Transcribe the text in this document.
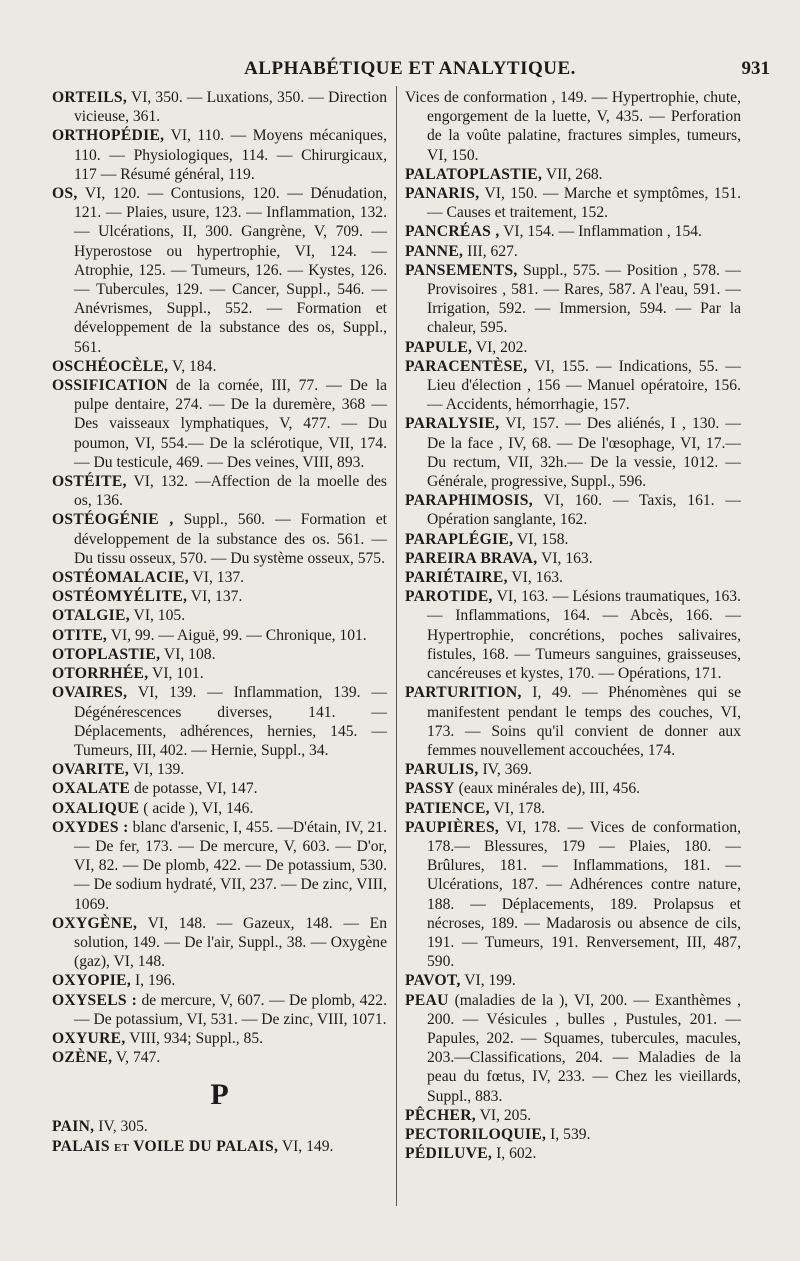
ALPHABÉTIQUE ET ANALYTIQUE.	931

ORTEILS, VI, 350. — Luxations, 350. — Direction vicieuse, 361.

ORTHOPÉDIE, VI, 110. — Moyens mécaniques, 110. — Physiologiques, 114. — Chirurgicaux, 117 — Résumé général, 119.

OS, VI, 120. — Contusions, 120. — Dénudation, 121. — Plaies, usure, 123. — Inflammation, 132. — Ulcérations, II, 300. Gangrène, V, 709. — Hyperostose ou hypertrophie, VI, 124. — Atrophie, 125. — Tumeurs, 126. — Kystes, 126. — Tubercules, 129. — Cancer, Suppl., 546. — Anévrismes, Suppl., 552. — Formation et développement de la substance des os, Suppl., 561.

OSCHÉOCÈLE, V, 184.

OSSIFICATION de la cornée, III, 77. — De la pulpe dentaire, 274. — De la duremère, 368 — Des vaisseaux lymphatiques, V, 477. — Du poumon, VI, 554.— De la sclérotique, VII, 174. — Du testicule, 469. — Des veines, VIII, 893.

OSTÉITE, VI, 132. —Affection de la moelle des os, 136.

OSTÉOGÉNIE , Suppl., 560. — Formation et développement de la substance des os. 561. — Du tissu osseux, 570. — Du système osseux, 575.

OSTÉOMALACIE, VI, 137.

OSTÉOMYÉLITE, VI, 137.

OTALGIE, VI, 105.

OTITE, VI, 99. — Aiguë, 99. — Chronique, 101.

OTOPLASTIE, VI, 108.

OTORRHÉE, VI, 101.

OVAIRES, VI, 139. — Inflammation, 139. — Dégénérescences diverses, 141. — Déplacements, adhérences, hernies, 145. — Tumeurs, III, 402. — Hernie, Suppl., 34.

OVARITE, VI, 139.

OXALATE de potasse, VI, 147.

OXALIQUE ( acide ), VI, 146.

OXYDES : blanc d'arsenic, I, 455. —D'étain, IV, 21. — De fer, 173. — De mercure, V, 603. — D'or, VI, 82. — De plomb, 422. — De potassium, 530. — De sodium hydraté, VII, 237. — De zinc, VIII, 1069.

OXYGÈNE, VI, 148. — Gazeux, 148. — En solution, 149. — De l'air, Suppl., 38. — Oxygène (gaz), VI, 148.

OXYOPIE, I, 196.

OXYSELS : de mercure, V, 607. — De plomb, 422. — De potassium, VI, 531. — De zinc, VIII, 1071.

OXYURE, VIII, 934; Suppl., 85.

OZÈNE, V, 747.

P

PAIN, IV, 305.

PALAIS et VOILE DU PALAIS, VI, 149.

Vices de conformation , 149. — Hypertrophie, chute, engorgement de la luette, V, 435. — Perforation de la voûte palatine, fractures simples, tumeurs, VI, 150.

PALATOPLASTIE, VII, 268.

PANARIS, VI, 150. — Marche et symptômes, 151. — Causes et traitement, 152.

PANCRÉAS , VI, 154. — Inflammation , 154.

PANNE, III, 627.

PANSEMENTS, Suppl., 575. — Position , 578. — Provisoires , 581. — Rares, 587. A l'eau, 591. — Irrigation, 592. — Immersion, 594. — Par la chaleur, 595.

PAPULE, VI, 202.

PARACENTÈSE, VI, 155. — Indications, 55. — Lieu d'élection , 156 — Manuel opératoire, 156. — Accidents, hémorrhagie, 157.

PARALYSIE, VI, 157. — Des aliénés, I , 130. — De la face , IV, 68. — De l'œsophage, VI, 17.—Du rectum, VII, 32h.— De la vessie, 1012. — Générale, progressive, Suppl., 596.

PARAPHIMOSIS, VI, 160. — Taxis, 161. — Opération sanglante, 162.

PARAPLÉGIE, VI, 158.

PAREIRA BRAVA, VI, 163.

PARIÉTAIRE, VI, 163.

PAROTIDE, VI, 163. — Lésions traumatiques, 163. — Inflammations, 164. — Abcès, 166. — Hypertrophie, concrétions, poches salivaires, fistules, 168. — Tumeurs sanguines, graisseuses, cancéreuses et kystes, 170. — Opérations, 171.

PARTURITION, I, 49. — Phénomènes qui se manifestent pendant le temps des couches, VI, 173. — Soins qu'il convient de donner aux femmes nouvellement accouchées, 174.

PARULIS, IV, 369.

PASSY (eaux minérales de), III, 456.

PATIENCE, VI, 178.

PAUPIÈRES, VI, 178. — Vices de conformation, 178.— Blessures, 179 — Plaies, 180. — Brûlures, 181. — Inflammations, 181. — Ulcérations, 187. — Adhérences contre nature, 188. — Déplacements, 189. Prolapsus et nécroses, 189. — Madarosis ou absence de cils, 191. — Tumeurs, 191. Renversement, III, 487, 590.

PAVOT, VI, 199.

PEAU (maladies de la ), VI, 200. — Exanthèmes , 200. — Vésicules , bulles , Pustules, 201. — Papules, 202. — Squames, tubercules, macules, 203.—Classifications, 204. — Maladies de la peau du fœtus, IV, 233. — Chez les vieillards, Suppl., 883.

PÊCHER, VI, 205.

PECTORILOQUIE, I, 539.

PÉDILUVE, I, 602.
